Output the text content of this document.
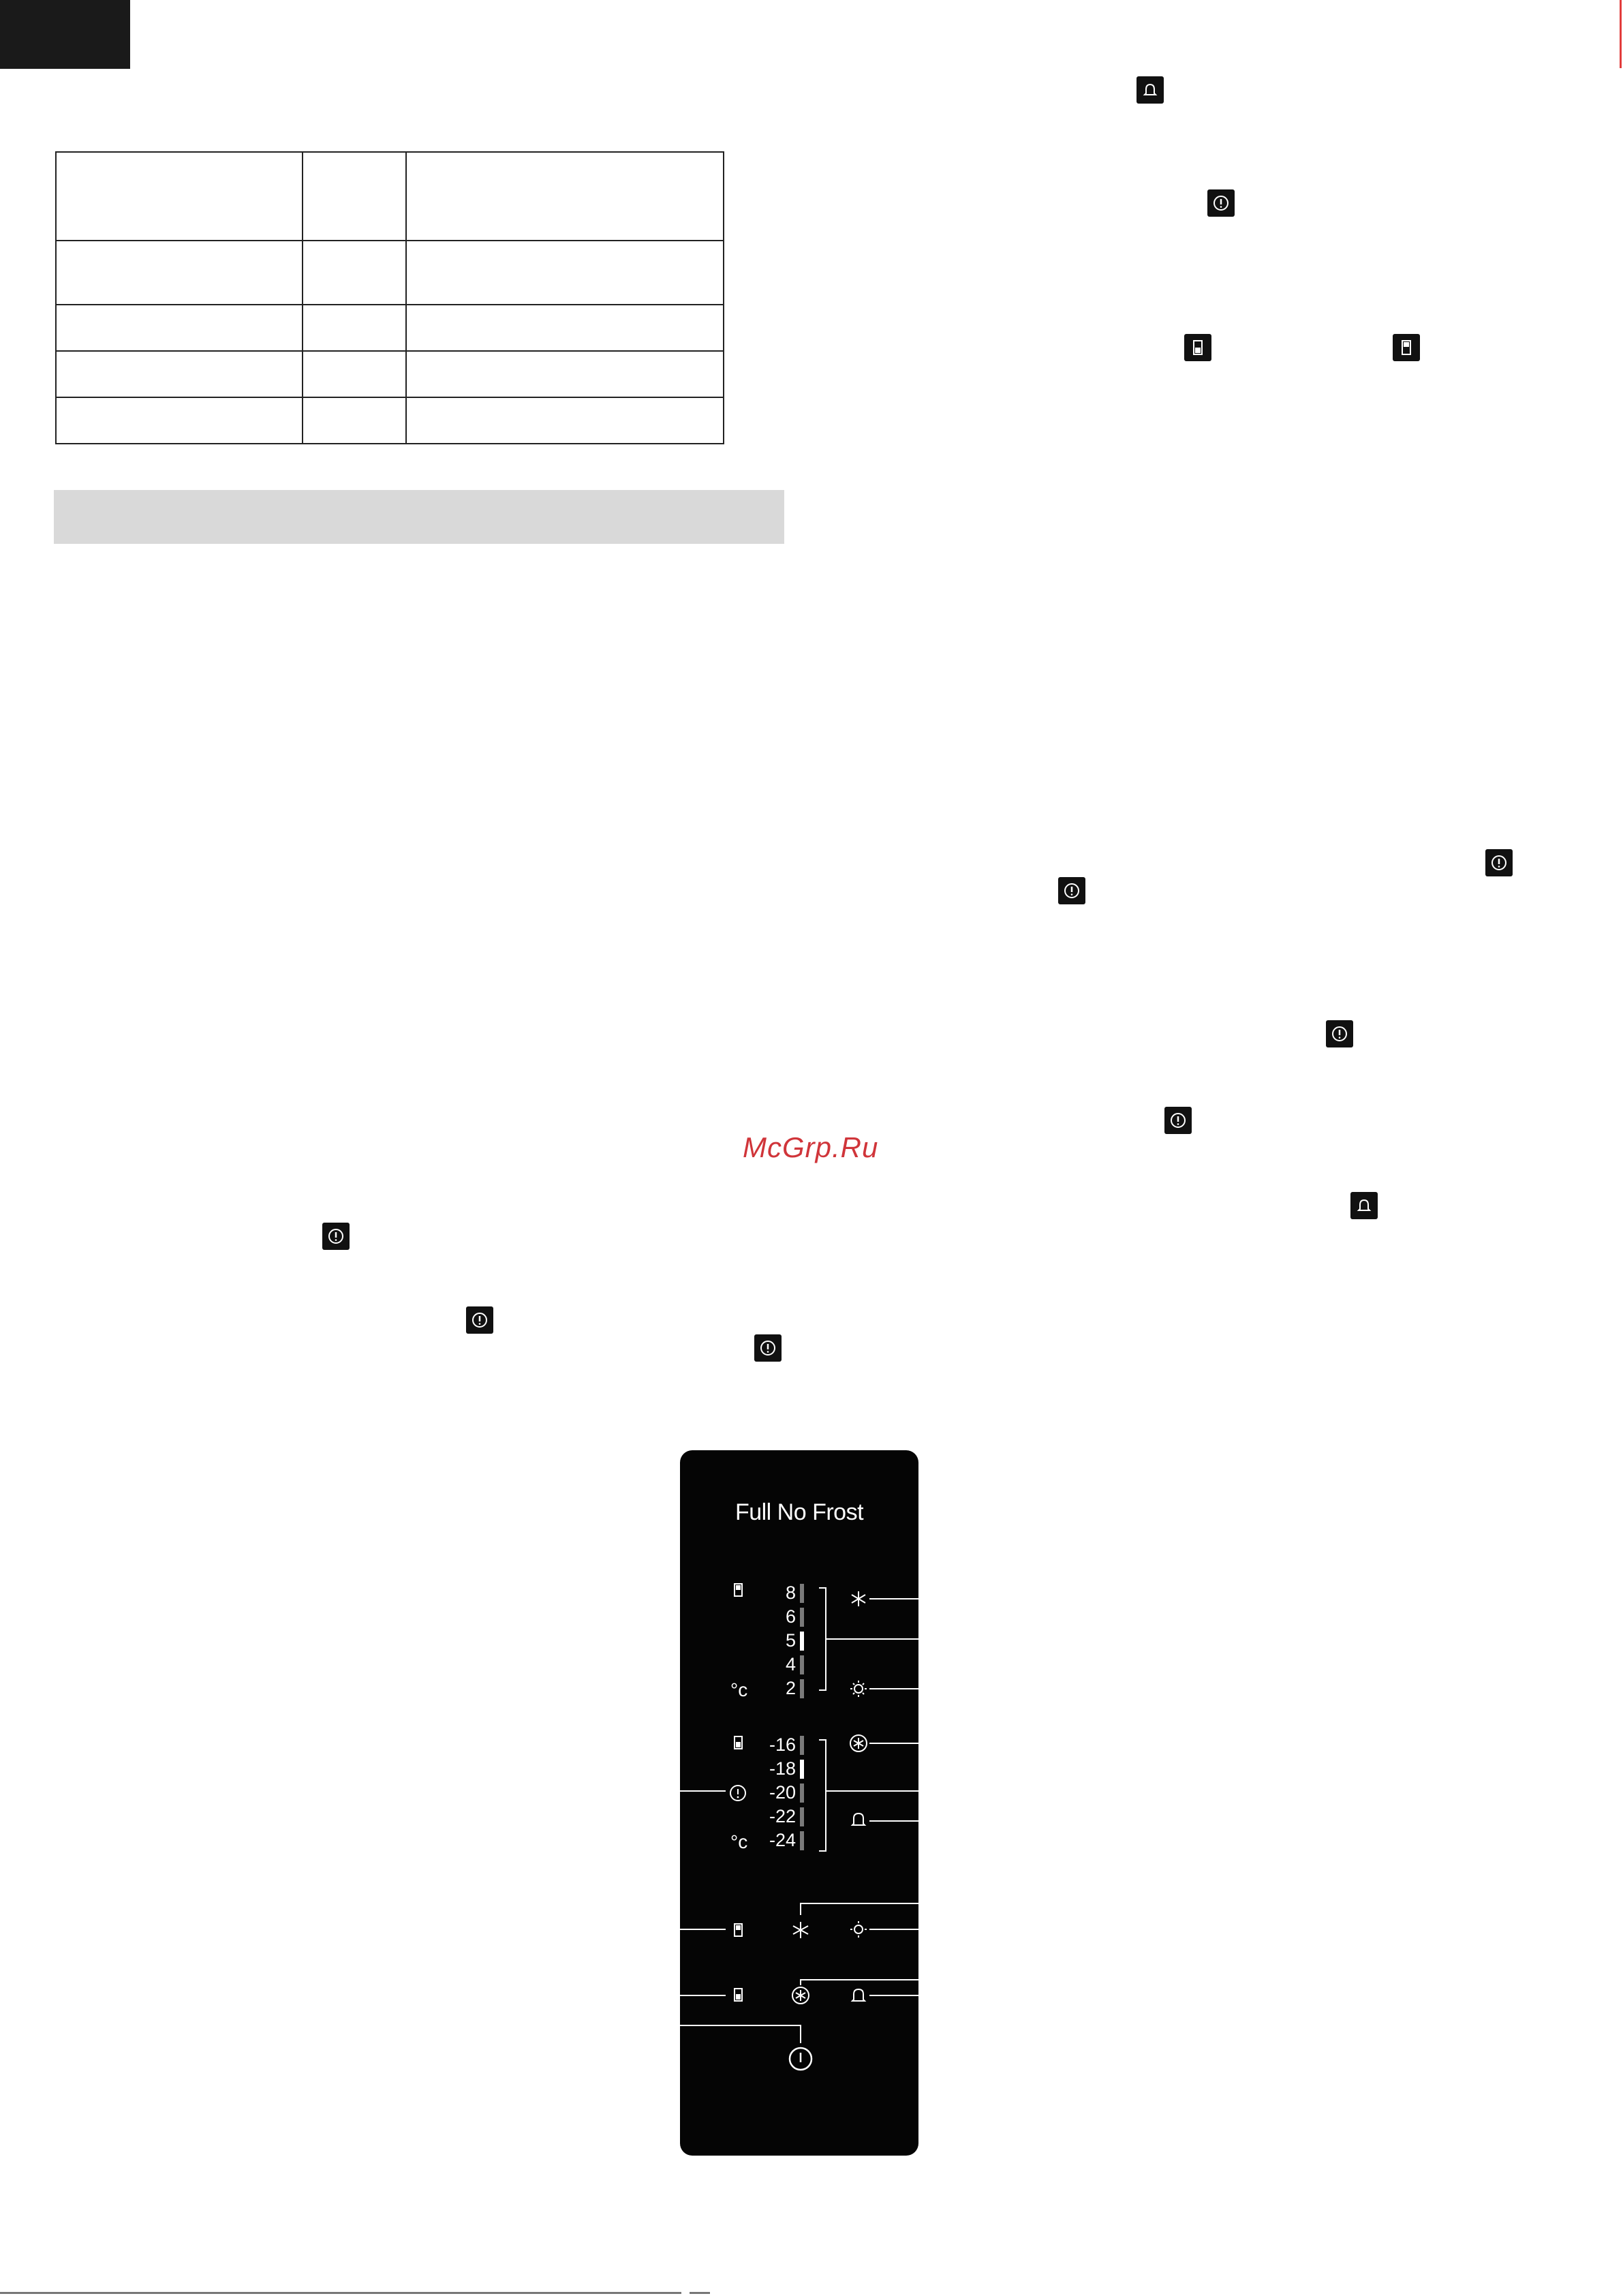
McGrp.Ru
Full No Frost
8
6
5
4
2
-16
-18
-20
-22
-24
°c
°c
